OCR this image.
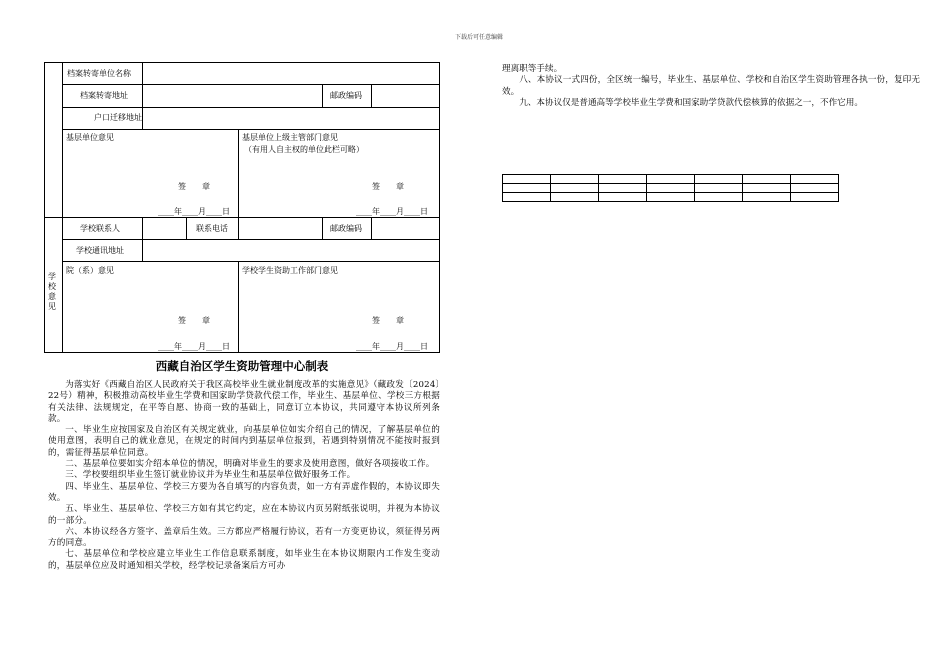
下载后可任意编辑
档案转寄单位名称
档案转寄地址	邮政编码
户口迁移地址
基层单位意见	基层单位上级主管部门意见
（有用人自主权的单位此栏可略）
签　　章	签　　章
____年____月____日	____年____月____日
学校联系人	联系电话	邮政编码
学校通讯地址
院（系）意见	学校学生资助工作部门意见
签　　章	签　　章
____年____月____日	____年____月____日
学校意见
西藏自治区学生资助管理中心制表

为落实好《西藏自治区人民政府关于我区高校毕业生就业制度改革的实施意见》（藏政发〔2024〕22号）精神，积极推动高校毕业生学费和国家助学贷款代偿工作，毕业生、基层单位、学校三方根据有关法律、法规规定，在平等自愿、协商一致的基础上，同意订立本协议，共同遵守本协议所列条款。

一、毕业生应按国家及自治区有关规定就业，向基层单位如实介绍自己的情况，了解基层单位的使用意图，表明自己的就业意见，在规定的时间内到基层单位报到，若遇到特别情况不能按时报到的，需征得基层单位同意。

二、基层单位要如实介绍本单位的情况，明确对毕业生的要求及使用意图，做好各项接收工作。

三、学校要组织毕业生签订就业协议并为毕业生和基层单位做好服务工作。

四、毕业生、基层单位、学校三方要为各自填写的内容负责，如一方有弄虚作假的，本协议即失效。

五、毕业生、基层单位、学校三方如有其它约定，应在本协议内页另附纸张说明，并视为本协议的一部分。

六、本协议经各方签字、盖章后生效。三方都应严格履行协议，若有一方变更协议，须征得另两方的同意。

七、基层单位和学校应建立毕业生工作信息联系制度，如毕业生在本协议期限内工作发生变动的，基层单位应及时通知相关学校，经学校记录备案后方可办

理离职等手续。

八、本协议一式四份，全区统一编号，毕业生、基层单位、学校和自治区学生资助管理各执一份，复印无效。

九、本协议仅是普通高等学校毕业生学费和国家助学贷款代偿核算的依据之一，不作它用。
